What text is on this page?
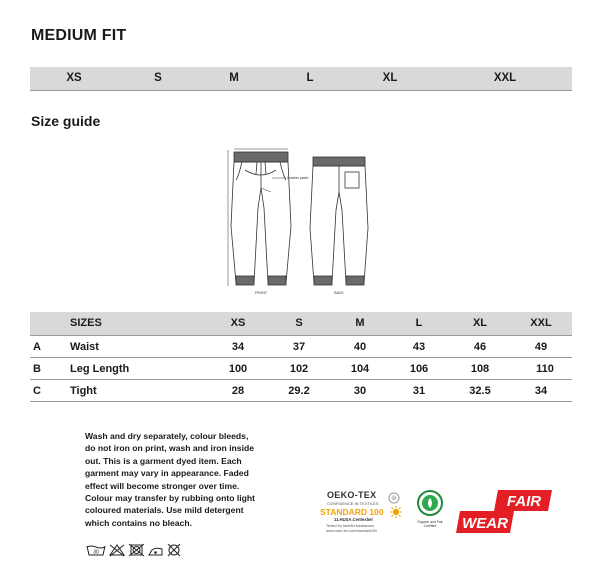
MEDIUM FIT
XS	S	M	L	XL	XXL
Size guide
Leather patch
FRONT	BACK
SIZES	XS	S	M	L	XL	XXL
A	Waist	34	37	40	43	46	49
B	Leg Length	100	102	104	106	108	110
C	Tight	28	29.2	30	31	32.5	34
Wash and dry separately, colour bleeds, do not iron on print, wash and iron inside out. This is a garment dyed item. Each garment may vary in appearance. Faded effect will become stronger over time. Colour may transfer by rubbing onto light coloured materials. Use mild detergent which contains no bleach.
30
OEKO-TEX
CONFIDENCE IN TEXTILES
STANDARD 100
11.HUSA.Centexbel
Tested for harmful substances www.oeko-tex.com/standard100
Organic and Fair Certified
FAIR
WEAR
